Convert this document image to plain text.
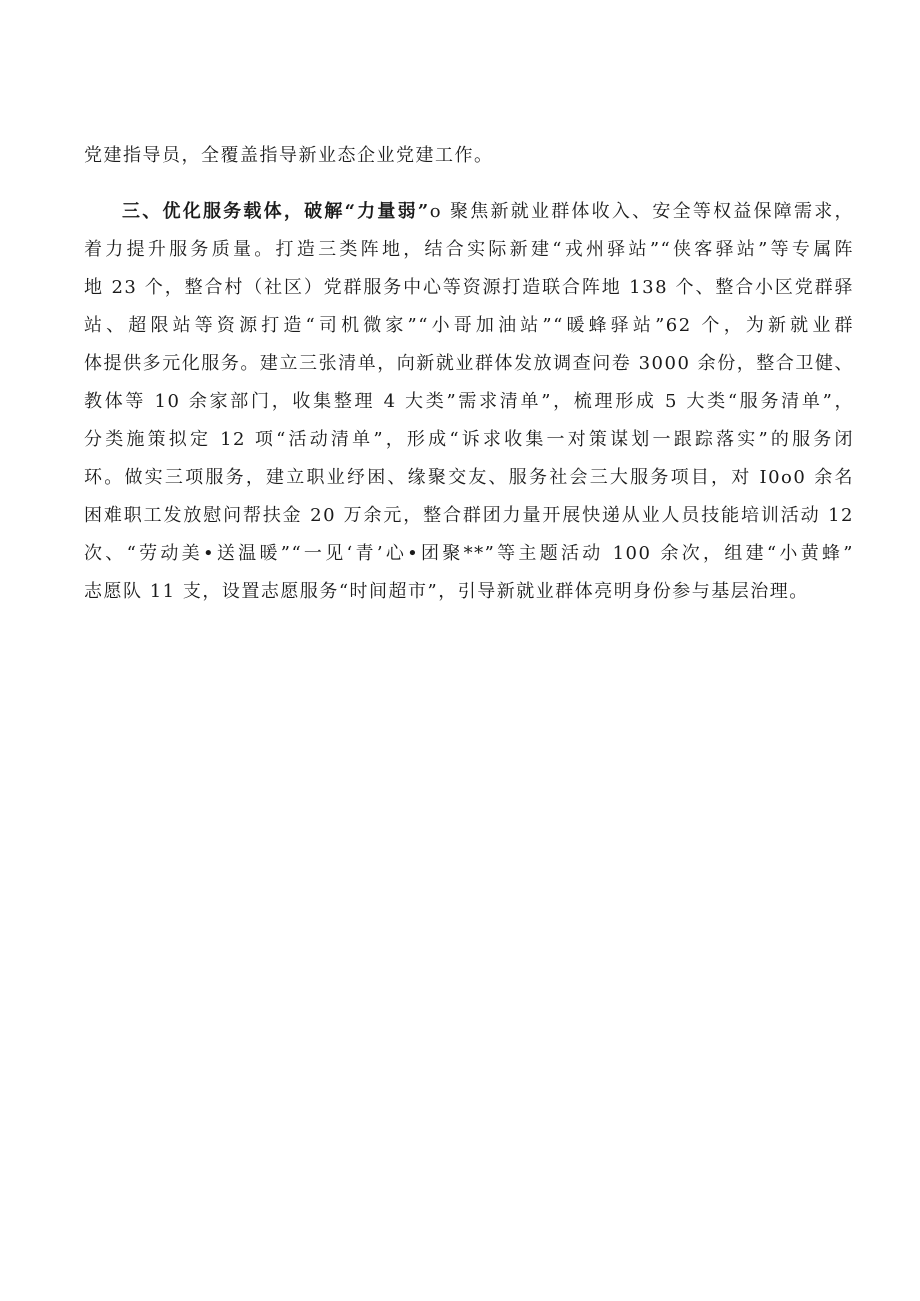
党建指导员，全覆盖指导新业态企业党建工作。
三、优化服务载体，破解“力量弱”o 聚焦新就业群体收入、安全等权益保障需求，
着力提升服务质量。打造三类阵地，结合实际新建“戎州驿站”“侠客驿站”等专属阵
地 23 个，整合村（社区）党群服务中心等资源打造联合阵地 138 个、整合小区党群驿
站、超限站等资源打造“司机微家”“小哥加油站”“暖蜂驿站”62 个，为新就业群
体提供多元化服务。建立三张清单，向新就业群体发放调查问卷 3000 余份，整合卫健、
教体等 10 余家部门，收集整理 4 大类”需求清单”，梳理形成 5 大类“服务清单”，
分类施策拟定 12 项“活动清单”，形成“诉求收集一对策谋划一跟踪落实”的服务闭
环。做实三项服务，建立职业纾困、缘聚交友、服务社会三大服务项目，对 I0o0 余名
困难职工发放慰问帮扶金 20 万余元，整合群团力量开展快递从业人员技能培训活动 12
次、“劳动美•送温暖”“一见‘青’心•团聚**”等主题活动 100 余次，组建“小黄蜂”
志愿队 11 支，设置志愿服务“时间超市”，引导新就业群体亮明身份参与基层治理。
